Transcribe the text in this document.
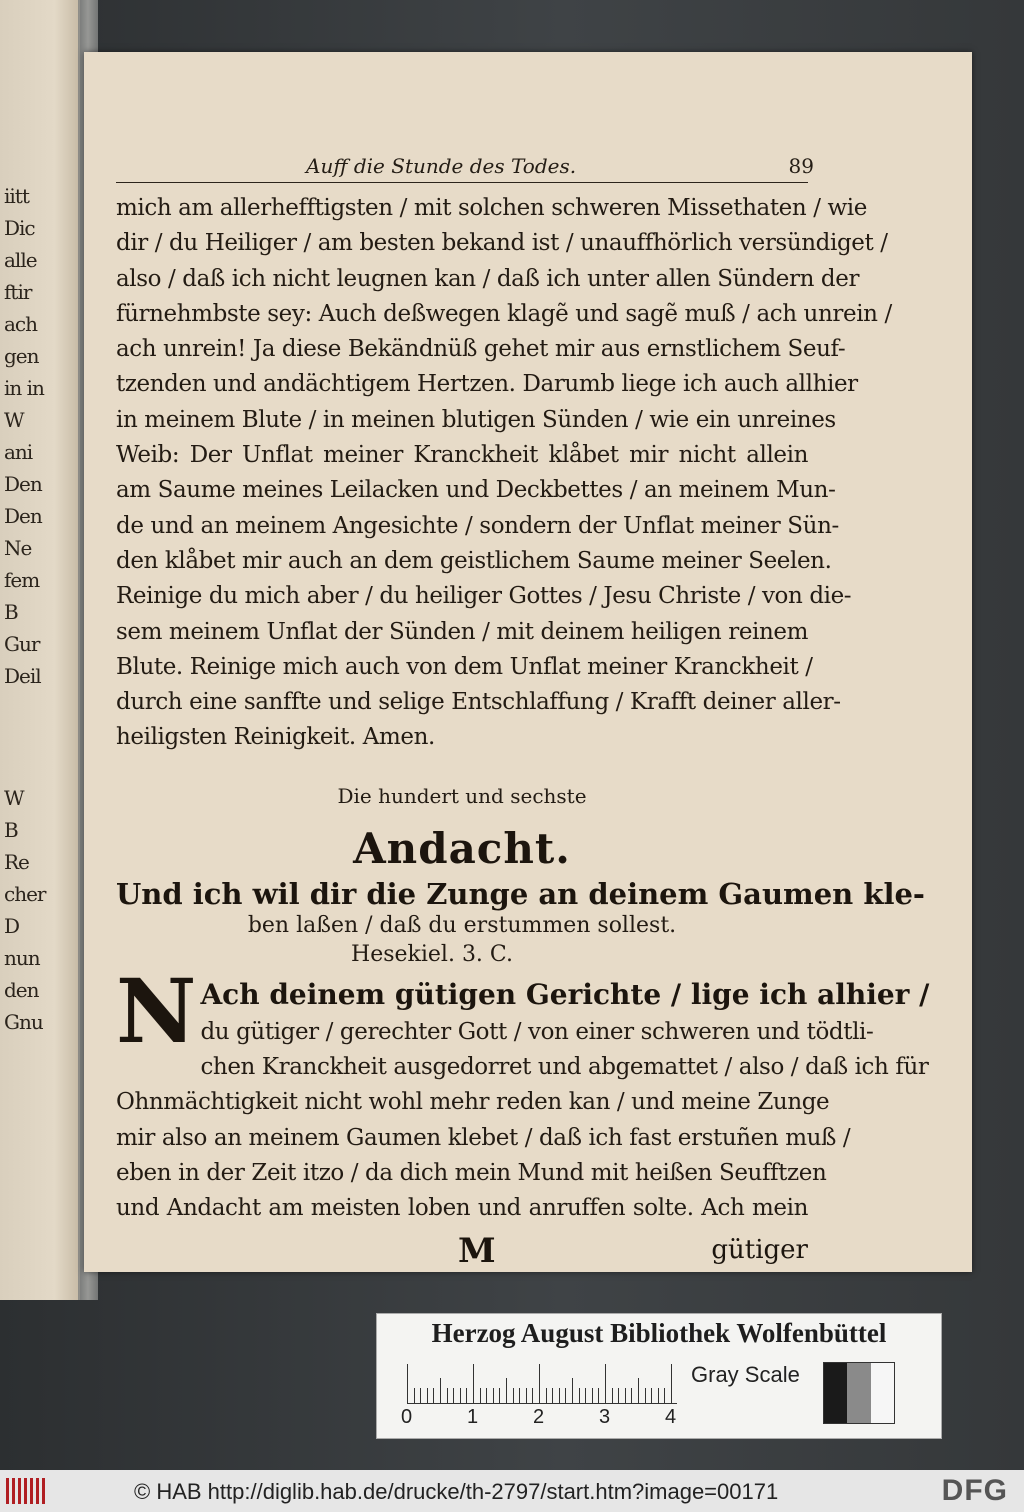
iitt
Dic
alle
ftir
ach
gen
in in
W
ani
Den
Den
Ne
fem
B
Gur
Deil
W
B
Re
cher
D
nun
den
Gnu
Auff die Stunde des Todes.	89
mich am allerhefftigsten / mit solchen schweren Missethaten / wie
dir / du Heiliger / am besten bekand ist / unauffhörlich versündiget /
also / daß ich nicht leugnen kan / daß ich unter allen Sündern der
fürnehmbste sey: Auch deßwegen klagẽ und sagẽ muß / ach unrein /
ach unrein! Ja diese Bekändnüß gehet mir aus ernstlichem Seuf-
tzenden und andächtigem Hertzen. Darumb liege ich auch allhier
in meinem Blute / in meinen blutigen Sünden / wie ein unreines
Weib: Der Unflat meiner Kranckheit klåbet mir nicht allein
am Saume meines Leilacken und Deckbettes / an meinem Mun-
de und an meinem Angesichte / sondern der Unflat meiner Sün-
den klåbet mir auch an dem geistlichem Saume meiner Seelen.
Reinige du mich aber / du heiliger Gottes / Jesu Christe / von die-
sem meinem Unflat der Sünden / mit deinem heiligen reinem
Blute. Reinige mich auch von dem Unflat meiner Kranckheit /
durch eine sanffte und selige Entschlaffung / Krafft deiner aller-
heiligsten Reinigkeit. Amen.
Die hundert und sechste
Andacht.
Und ich wil dir die Zunge an deinem Gaumen kle-
ben laßen / daß du erstummen sollest.
Hesekiel. 3. C.
N Ach deinem gütigen Gerichte / lige ich alhier /
du gütiger / gerechter Gott / von einer schweren und tödtli-
chen Kranckheit ausgedorret und abgemattet / also / daß ich für
Ohnmächtigkeit nicht wohl mehr reden kan / und meine Zunge
mir also an meinem Gaumen klebet / daß ich fast erstuñen muß /
eben in der Zeit itzo / da dich mein Mund mit heißen Seufftzen
und Andacht am meisten loben und anruffen solte. Ach mein
M	gütiger
Herzog August Bibliothek Wolfenbüttel
0	1	2	3	4
Gray Scale
© HAB http://diglib.hab.de/drucke/th-2797/start.htm?image=00171	DFG
